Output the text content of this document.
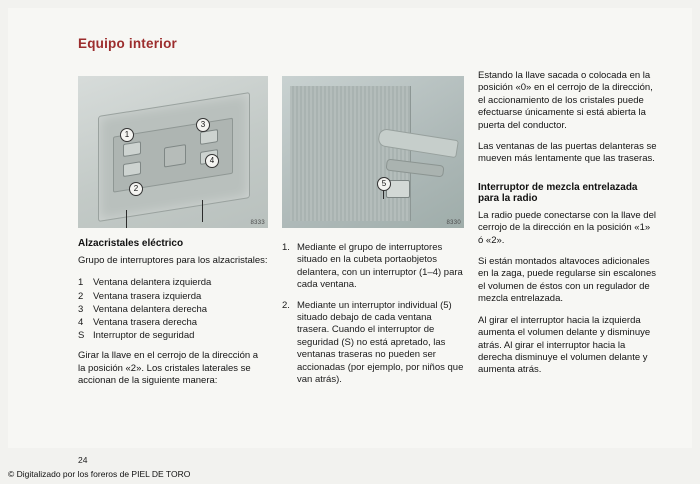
Equipo interior
1
2
3
4
8333
Alzacristales eléctrico

Grupo de interruptores para los alzacristales:

1 Ventana delantera izquierda
2 Ventana trasera izquierda
3 Ventana delantera derecha
4 Ventana trasera derecha
S Interruptor de seguridad

Girar la llave en el cerrojo de la dirección a la posición «2». Los cristales laterales se accionan de la siguiente manera:

5
8330
1. Mediante el grupo de interruptores situado en la cubeta portaobjetos delantera, con un interruptor (1–4) para cada ventana.
2. Mediante un interruptor individual (5) situado debajo de cada ventana trasera. Cuando el interruptor de seguridad (S) no está apretado, las ventanas traseras no pueden ser accionadas (por ejemplo, por niños que van atrás).

Estando la llave sacada o colocada en la posición «0» en el cerrojo de la dirección, el accionamiento de los cristales puede efectuarse únicamente si está abierta la puerta del conductor.

Las ventanas de las puertas delanteras se mueven más lentamente que las traseras.

Interruptor de mezcla entrelazada para la radio

La radio puede conectarse con la llave del cerrojo de la dirección en la posición «1» ó «2».

Si están montados altavoces adicionales en la zaga, puede regularse sin escalones el volumen de éstos con un regulador de mezcla entrelazada.

Al girar el interruptor hacia la izquierda aumenta el volumen delante y disminuye atrás. Al girar el interruptor hacia la derecha disminuye el volumen delante y aumenta atrás.

24
© Digitalizado por los foreros de PIEL DE TORO
